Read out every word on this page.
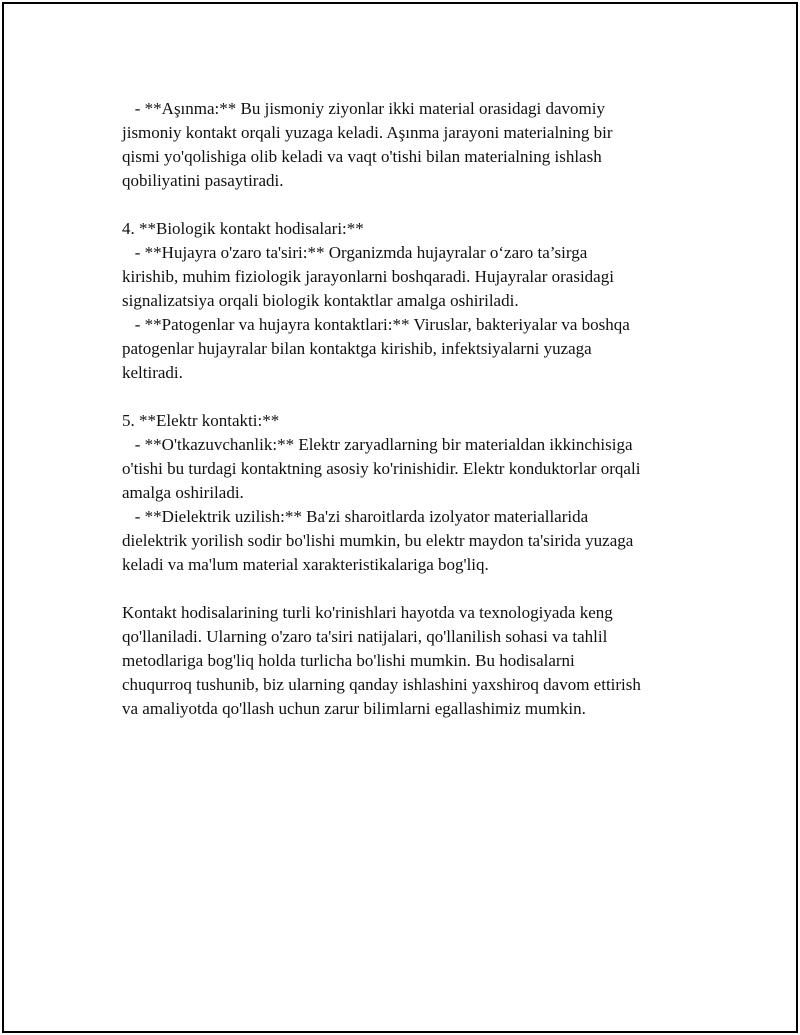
- **Aşınma:** Bu jismoniy ziyonlar ikki material orasidagi davomiy
jismoniy kontakt orqali yuzaga keladi. Aşınma jarayoni materialning bir
qismi yo'qolishiga olib keladi va vaqt o'tishi bilan materialning ishlash
qobiliyatini pasaytiradi.
4. **Biologik kontakt hodisalari:**
- **Hujayra o'zaro ta'siri:** Organizmda hujayralar o‘zaro ta’sirga
kirishib, muhim fiziologik jarayonlarni boshqaradi. Hujayralar orasidagi
signalizatsiya orqali biologik kontaktlar amalga oshiriladi.
- **Patogenlar va hujayra kontaktlari:** Viruslar, bakteriyalar va boshqa
patogenlar hujayralar bilan kontaktga kirishib, infektsiyalarni yuzaga
keltiradi.
5. **Elektr kontakti:**
- **O'tkazuvchanlik:** Elektr zaryadlarning bir materialdan ikkinchisiga
o'tishi bu turdagi kontaktning asosiy ko'rinishidir. Elektr konduktorlar orqali
amalga oshiriladi.
- **Dielektrik uzilish:** Ba'zi sharoitlarda izolyator materiallarida
dielektrik yorilish sodir bo'lishi mumkin, bu elektr maydon ta'sirida yuzaga
keladi va ma'lum material xarakteristikalariga bog'liq.
Kontakt hodisalarining turli ko'rinishlari hayotda va texnologiyada keng
qo'llaniladi. Ularning o'zaro ta'siri natijalari, qo'llanilish sohasi va tahlil
metodlariga bog'liq holda turlicha bo'lishi mumkin. Bu hodisalarni
chuqurroq tushunib, biz ularning qanday ishlashini yaxshiroq davom ettirish
va amaliyotda qo'llash uchun zarur bilimlarni egallashimiz mumkin.
